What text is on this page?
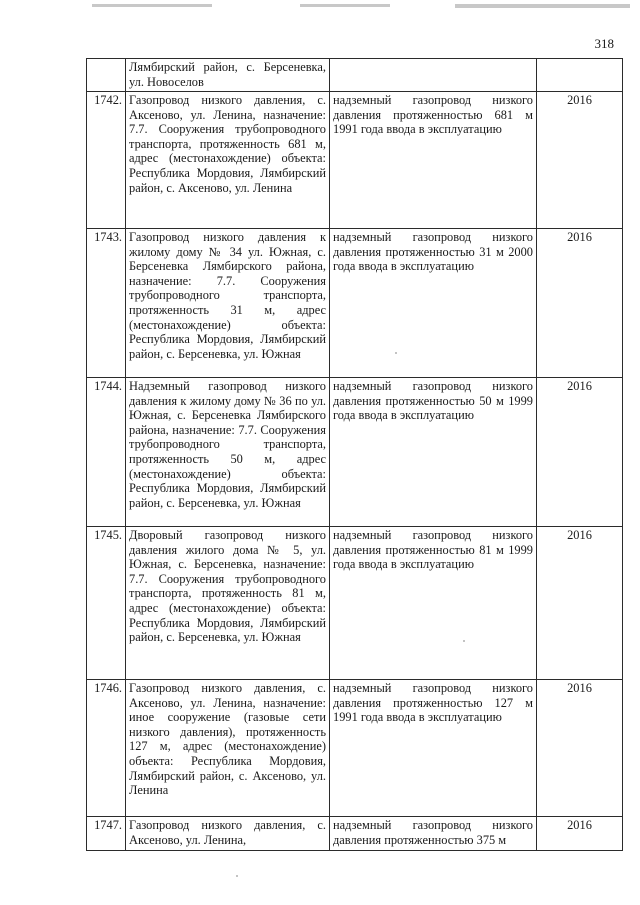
318
	Лямбирский район, с. Берсеневка, ул. Новоселов		
1742.	Газопровод низкого давления, с. Аксеново, ул. Ленина, назначение: 7.7. Сооружения трубопроводного транспорта, протяженность 681 м, адрес (местонахождение) объекта: Республика Мордовия, Лямбирский район, с. Аксеново, ул. Ленина	надземный газопровод низкого давления протяженностью 681 м 1991 года ввода в эксплуатацию	2016
1743.	Газопровод низкого давления к жилому дому № 34 ул. Южная, с. Берсеневка Лямбирского района, назначение: 7.7. Сооружения трубопроводного транспорта, протяженность 31 м, адрес (местонахождение) объекта: Республика Мордовия, Лямбирский район, с. Берсеневка, ул. Южная	надземный газопровод низкого давления протяженностью 31 м 2000 года ввода в эксплуатацию	2016
1744.	Надземный газопровод низкого давления к жилому дому № 36 по ул. Южная, с. Берсеневка Лямбирского района, назначение: 7.7. Сооружения трубопроводного транспорта, протяженность 50 м, адрес (местонахождение) объекта: Республика Мордовия, Лямбирский район, с. Берсеневка, ул. Южная	надземный газопровод низкого давления протяженностью 50 м 1999 года ввода в эксплуатацию	2016
1745.	Дворовый газопровод низкого давления жилого дома № 5, ул. Южная, с. Берсеневка, назначение: 7.7. Сооружения трубопроводного транспорта, протяженность 81 м, адрес (местонахождение) объекта: Республика Мордовия, Лямбирский район, с. Берсеневка, ул. Южная	надземный газопровод низкого давления протяженностью 81 м 1999 года ввода в эксплуатацию	2016
1746.	Газопровод низкого давления, с. Аксеново, ул. Ленина, назначение: иное сооружение (газовые сети низкого давления), протяженность 127 м, адрес (местонахождение) объекта: Республика Мордовия, Лямбирский район, с. Аксеново, ул. Ленина	надземный газопровод низкого давления протяженностью 127 м 1991 года ввода в эксплуатацию	2016
1747.	Газопровод низкого давления, с. Аксеново, ул. Ленина,	надземный газопровод низкого давления протяженностью 375 м	2016
